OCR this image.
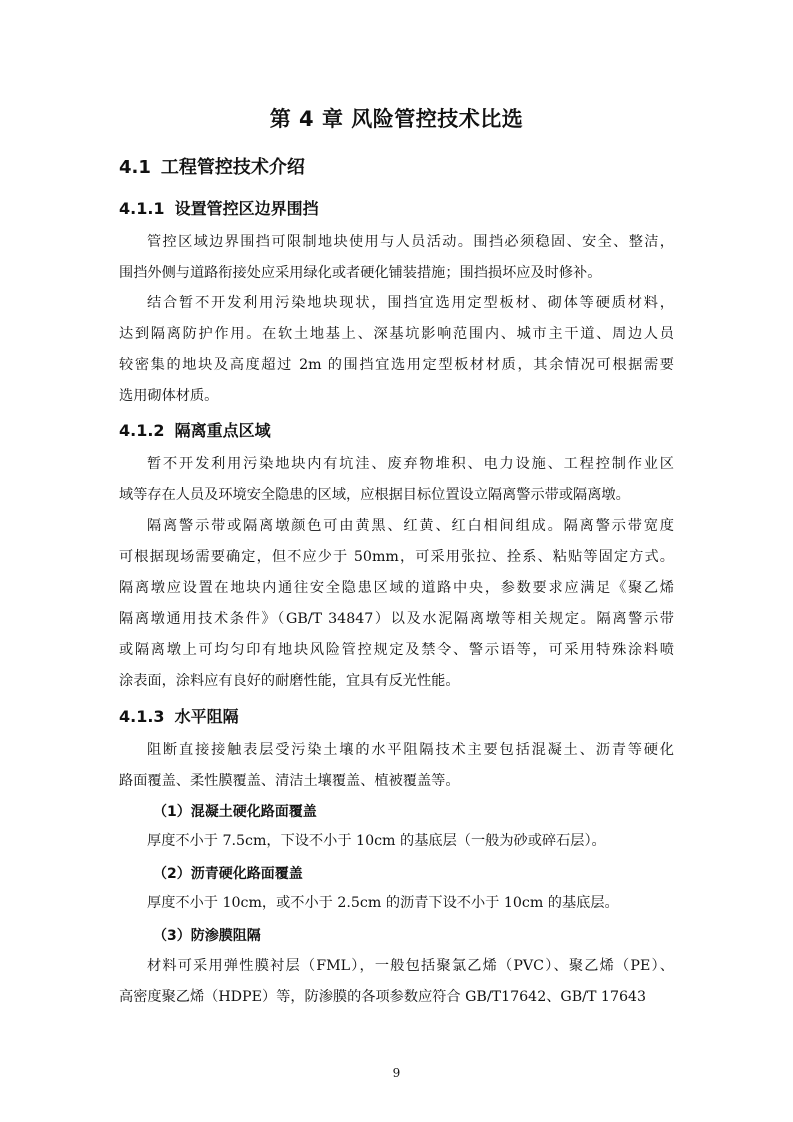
第 4 章 风险管控技术比选
4.1 工程管控技术介绍
4.1.1 设置管控区边界围挡
管控区域边界围挡可限制地块使用与人员活动。围挡必须稳固、安全、整洁，
围挡外侧与道路衔接处应采用绿化或者硬化铺装措施；围挡损坏应及时修补。
结合暂不开发利用污染地块现状，围挡宜选用定型板材、砌体等硬质材料，
达到隔离防护作用。在软土地基上、深基坑影响范围内、城市主干道、周边人员
较密集的地块及高度超过 2m 的围挡宜选用定型板材材质，其余情况可根据需要
选用砌体材质。
4.1.2 隔离重点区域
暂不开发利用污染地块内有坑洼、废弃物堆积、电力设施、工程控制作业区
域等存在人员及环境安全隐患的区域，应根据目标位置设立隔离警示带或隔离墩。
隔离警示带或隔离墩颜色可由黄黑、红黄、红白相间组成。隔离警示带宽度
可根据现场需要确定，但不应少于 50mm，可采用张拉、拴系、粘贴等固定方式。
隔离墩应设置在地块内通往安全隐患区域的道路中央，参数要求应满足《聚乙烯
隔离墩通用技术条件》（GB/T 34847）以及水泥隔离墩等相关规定。隔离警示带
或隔离墩上可均匀印有地块风险管控规定及禁令、警示语等，可采用特殊涂料喷
涂表面，涂料应有良好的耐磨性能，宜具有反光性能。
4.1.3 水平阻隔
阻断直接接触表层受污染土壤的水平阻隔技术主要包括混凝土、沥青等硬化
路面覆盖、柔性膜覆盖、清洁土壤覆盖、植被覆盖等。

（1）混凝土硬化路面覆盖

厚度不小于 7.5cm，下设不小于 10cm 的基底层（一般为砂或碎石层）。

（2）沥青硬化路面覆盖

厚度不小于 10cm，或不小于 2.5cm 的沥青下设不小于 10cm 的基底层。

（3）防渗膜阻隔

材料可采用弹性膜衬层（FML），一般包括聚氯乙烯（PVC）、聚乙烯（PE）、
高密度聚乙烯（HDPE）等，防渗膜的各项参数应符合 GB/T17642、GB/T 17643

9
